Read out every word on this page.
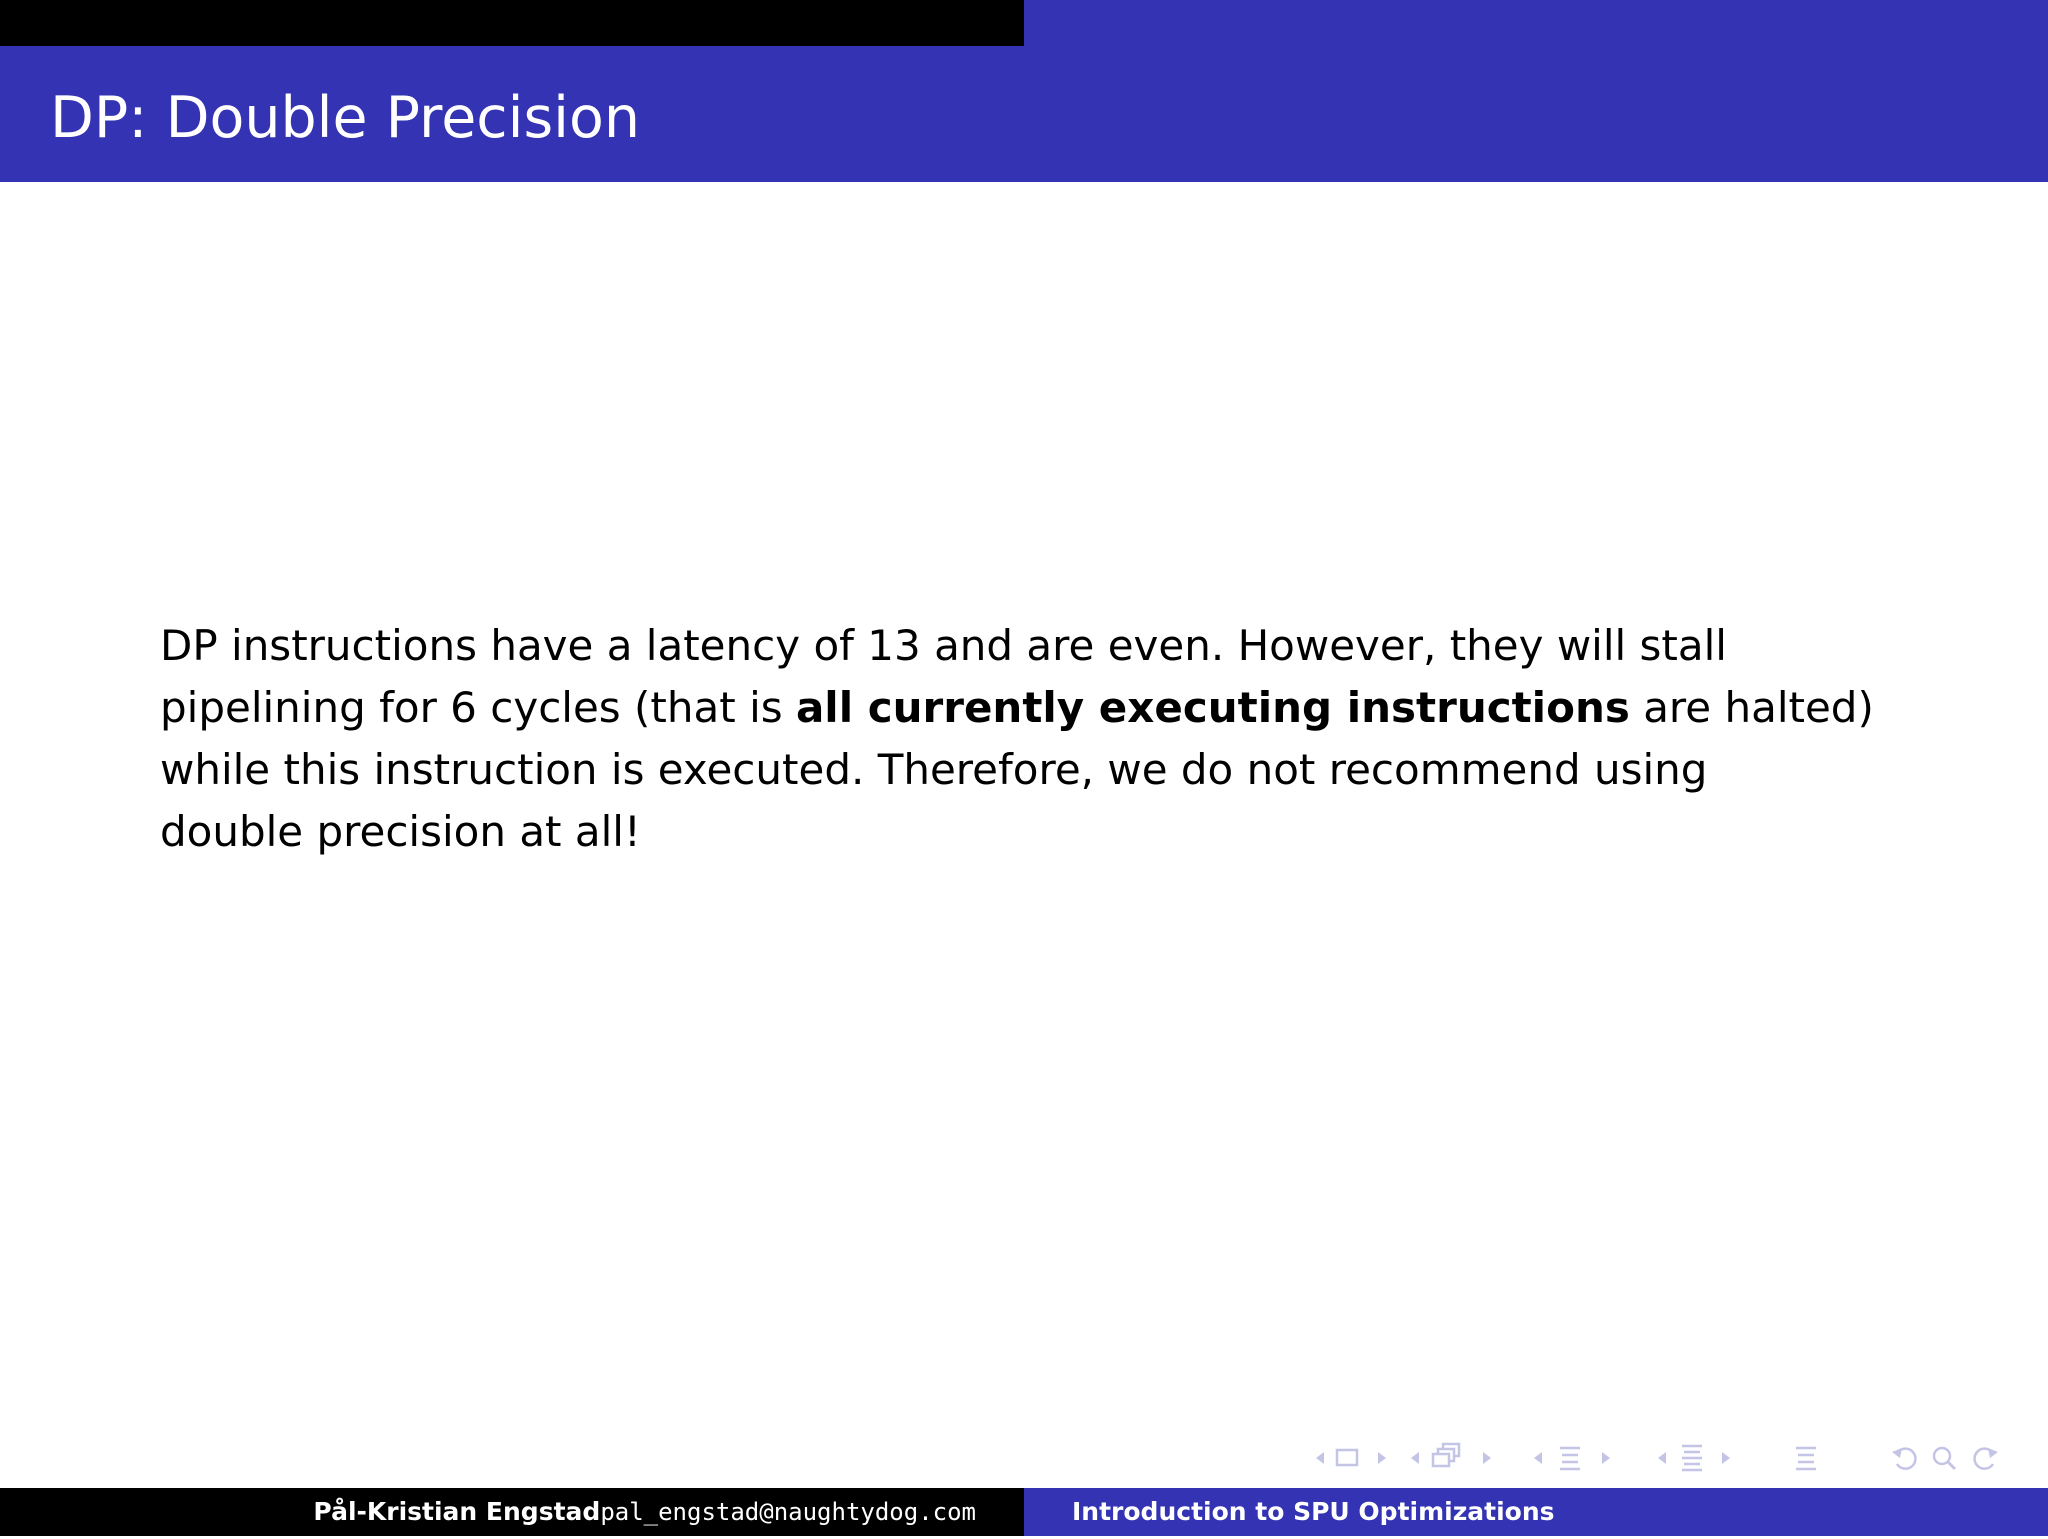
DP: Double Precision
DP instructions have a latency of 13 and are even. However, they will stall
pipelining for 6 cycles (that is all currently executing instructions are halted)
while this instruction is executed. Therefore, we do not recommend using
double precision at all!
Pål-Kristian Engstadpal_engstad@naughtydog.com	Introduction to SPU Optimizations
